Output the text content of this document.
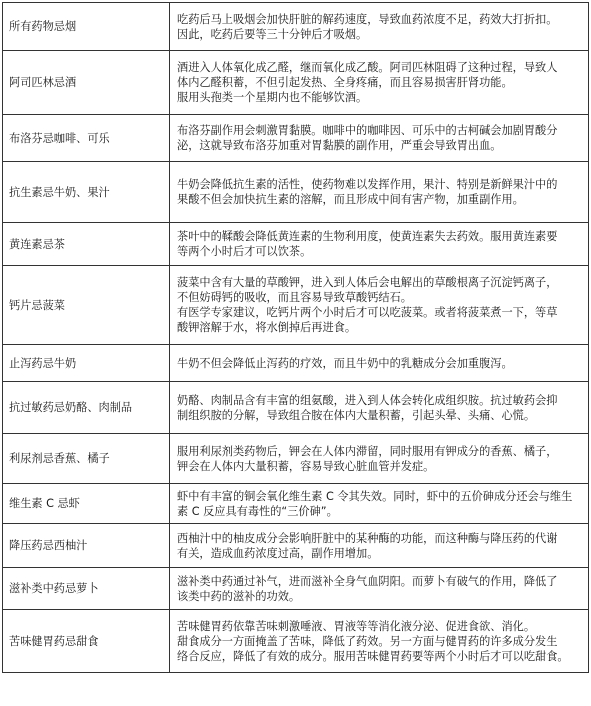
所有药物忌烟	吃药后马上吸烟会加快肝脏的解药速度，导致血药浓度不足，药效大打折扣。
因此，吃药后要等三十分钟后才吸烟。

阿司匹林忌酒	酒进入人体氧化成乙醛，继而氧化成乙酸。阿司匹林阻碍了这种过程，导致人
体内乙醛积蓄，不但引起发热、全身疼痛，而且容易损害肝肾功能。
服用头孢类一个星期内也不能够饮酒。

布洛芬忌咖啡、可乐	布洛芬副作用会刺激胃黏膜。咖啡中的咖啡因、可乐中的古柯碱会加剧胃酸分
泌，这就导致布洛芬加重对胃黏膜的副作用，严重会导致胃出血。

抗生素忌牛奶、果汁	牛奶会降低抗生素的活性，使药物难以发挥作用，果汁、特别是新鲜果汁中的
果酸不但会加快抗生素的溶解，而且形成中间有害产物，加重副作用。

黄连素忌茶	茶叶中的鞣酸会降低黄连素的生物利用度，使黄连素失去药效。服用黄连素要
等两个小时后才可以饮茶。

钙片忌菠菜	菠菜中含有大量的草酸钾，进入到人体后会电解出的草酸根离子沉淀钙离子，
不但妨碍钙的吸收，而且容易导致草酸钙结石。
有医学专家建议，吃钙片两个小时后才可以吃菠菜。或者将菠菜煮一下，等草
酸钾溶解于水，将水倒掉后再进食。

止泻药忌牛奶	牛奶不但会降低止泻药的疗效，而且牛奶中的乳糖成分会加重腹泻。

抗过敏药忌奶酪、肉制品	奶酪、肉制品含有丰富的组氨酸，进入到人体会转化成组织胺。抗过敏药会抑
制组织胺的分解，导致组合胺在体内大量积蓄，引起头晕、头痛、心慌。

利尿剂忌香蕉、橘子	服用利尿剂类药物后，钾会在人体内滞留，同时服用有钾成分的香蕉、橘子，
钾会在人体内大量积蓄，容易导致心脏血管并发症。

维生素 C 忌虾	虾中有丰富的铜会氧化维生素 C 令其失效。同时，虾中的五价砷成分还会与维生
素 C 反应具有毒性的“三价砷”。

降压药忌西柚汁	西柚汁中的柚皮成分会影响肝脏中的某种酶的功能，而这种酶与降压药的代谢
有关，造成血药浓度过高，副作用增加。

滋补类中药忌萝卜	滋补类中药通过补气，进而滋补全身气血阴阳。而萝卜有破气的作用，降低了
该类中药的滋补的功效。

苦味健胃药忌甜食	苦味健胃药依靠苦味刺激唾液、胃液等等消化液分泌、促进食欲、消化。
甜食成分一方面掩盖了苦味，降低了药效。另一方面与健胃药的许多成分发生
络合反应，降低了有效的成分。服用苦味健胃药要等两个小时后才可以吃甜食。
